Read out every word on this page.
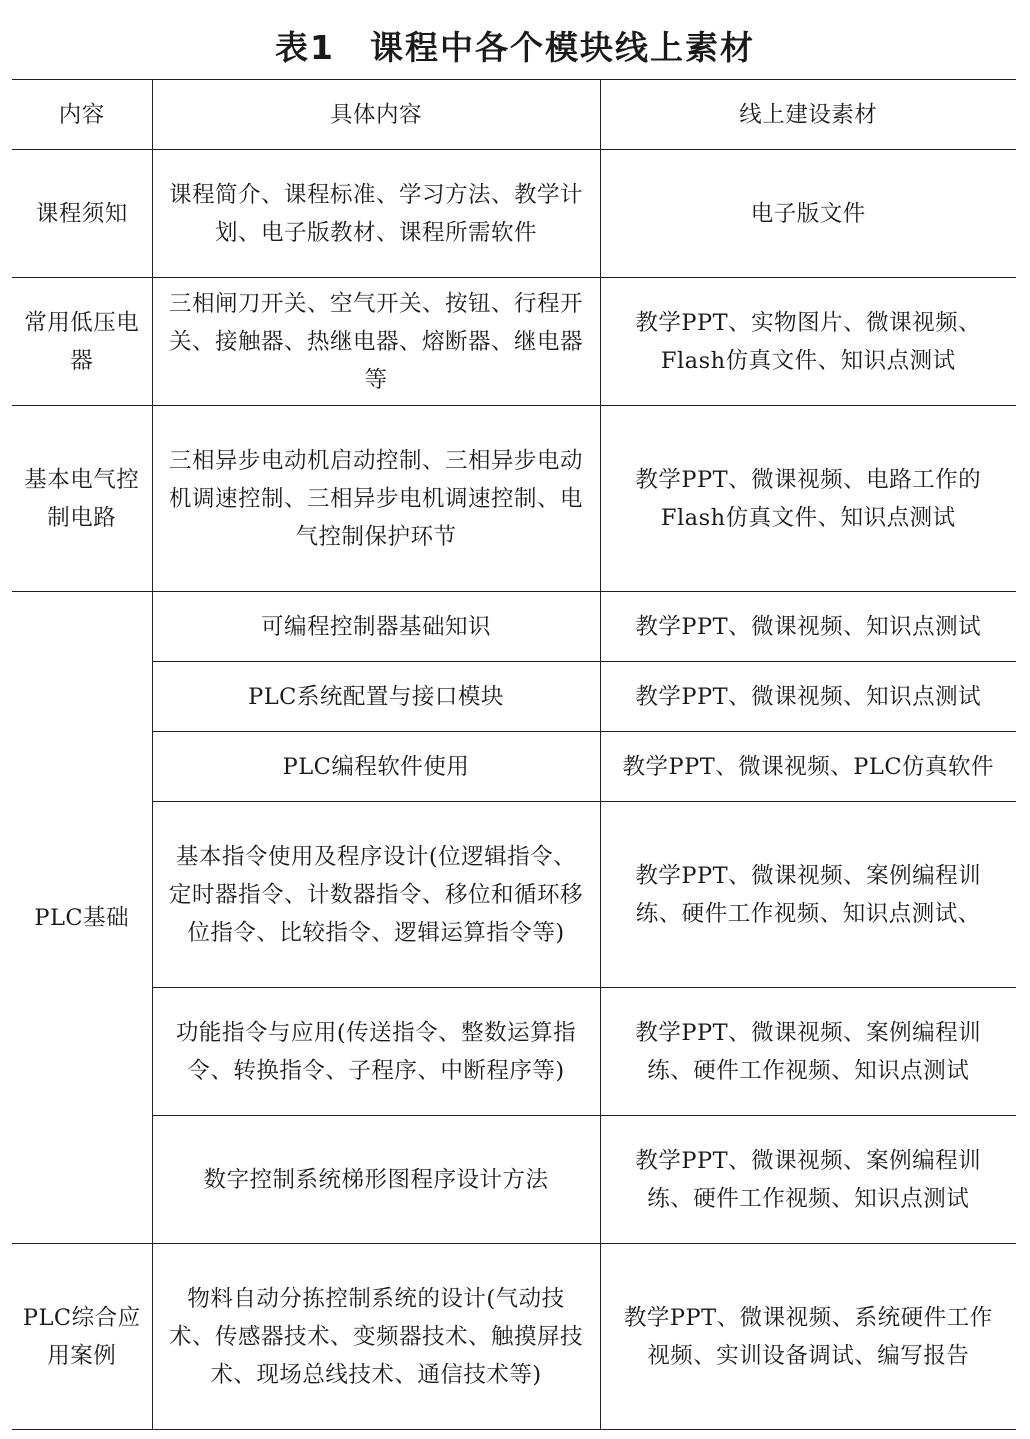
表1　课程中各个模块线上素材
内容	具体内容	线上建设素材
课程须知	课程简介、课程标准、学习方法、教学计划、电子版教材、课程所需软件	电子版文件
常用低压电器	三相闸刀开关、空气开关、按钮、行程开关、接触器、热继电器、熔断器、继电器等	教学PPT、实物图片、微课视频、Flash仿真文件、知识点测试
基本电气控制电路	三相异步电动机启动控制、三相异步电动机调速控制、三相异步电机调速控制、电气控制保护环节	教学PPT、微课视频、电路工作的Flash仿真文件、知识点测试
PLC基础	可编程控制器基础知识	教学PPT、微课视频、知识点测试
	PLC系统配置与接口模块	教学PPT、微课视频、知识点测试
	PLC编程软件使用	教学PPT、微课视频、PLC仿真软件
	基本指令使用及程序设计(位逻辑指令、定时器指令、计数器指令、移位和循环移位指令、比较指令、逻辑运算指令等)	教学PPT、微课视频、案例编程训练、硬件工作视频、知识点测试、
	功能指令与应用(传送指令、整数运算指令、转换指令、子程序、中断程序等)	教学PPT、微课视频、案例编程训练、硬件工作视频、知识点测试
	数字控制系统梯形图程序设计方法	教学PPT、微课视频、案例编程训练、硬件工作视频、知识点测试
PLC综合应用案例	物料自动分拣控制系统的设计(气动技术、传感器技术、变频器技术、触摸屏技术、现场总线技术、通信技术等)	教学PPT、微课视频、系统硬件工作视频、实训设备调试、编写报告
